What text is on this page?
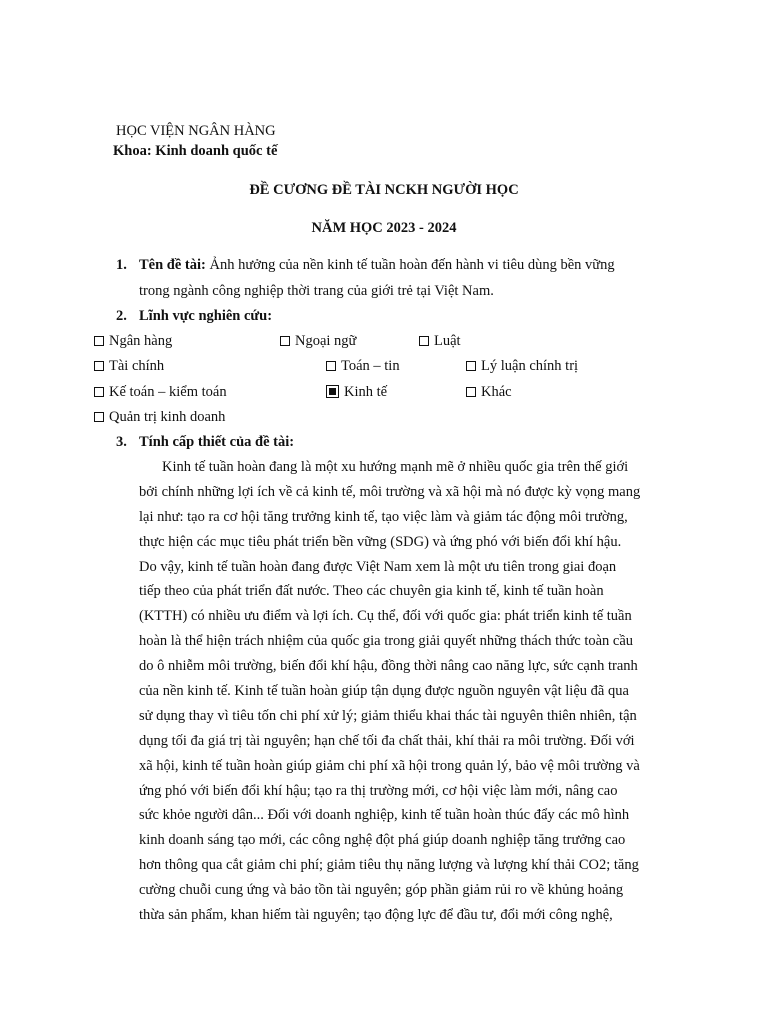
HỌC VIỆN NGÂN HÀNG
Khoa: Kinh doanh quốc tế
ĐỀ CƯƠNG ĐỀ TÀI NCKH NGƯỜI HỌC
NĂM HỌC 2023 - 2024
1. Tên đề tài: Ảnh hưởng của nền kinh tế tuần hoàn đến hành vi tiêu dùng bền vững
trong ngành công nghiệp thời trang của giới trẻ tại Việt Nam.
2. Lĩnh vực nghiên cứu:
Ngân hàng	Ngoại ngữ	Luật
Tài chính	Toán – tin	Lý luận chính trị
Kế toán – kiểm toán	Kinh tế	Khác
Quản trị kinh doanh
3. Tính cấp thiết của đề tài:
Kinh tế tuần hoàn đang là một xu hướng mạnh mẽ ở nhiều quốc gia trên thế giới
bởi chính những lợi ích về cả kinh tế, môi trường và xã hội mà nó được kỳ vọng mang
lại như: tạo ra cơ hội tăng trưởng kinh tế, tạo việc làm và giảm tác động môi trường,
thực hiện các mục tiêu phát triển bền vững (SDG) và ứng phó với biến đổi khí hậu.
Do vậy, kinh tế tuần hoàn đang được Việt Nam xem là một ưu tiên trong giai đoạn
tiếp theo của phát triển đất nước. Theo các chuyên gia kinh tế, kinh tế tuần hoàn
(KTTH) có nhiều ưu điểm và lợi ích. Cụ thể, đối với quốc gia: phát triển kinh tế tuần
hoàn là thể hiện trách nhiệm của quốc gia trong giải quyết những thách thức toàn cầu
do ô nhiễm môi trường, biến đổi khí hậu, đồng thời nâng cao năng lực, sức cạnh tranh
của nền kinh tế. Kinh tế tuần hoàn giúp tận dụng được nguồn nguyên vật liệu đã qua
sử dụng thay vì tiêu tốn chi phí xử lý; giảm thiểu khai thác tài nguyên thiên nhiên, tận
dụng tối đa giá trị tài nguyên; hạn chế tối đa chất thải, khí thải ra môi trường. Đối với
xã hội, kinh tế tuần hoàn giúp giảm chi phí xã hội trong quản lý, bảo vệ môi trường và
ứng phó với biến đổi khí hậu; tạo ra thị trường mới, cơ hội việc làm mới, nâng cao
sức khỏe người dân... Đối với doanh nghiệp, kinh tế tuần hoàn thúc đẩy các mô hình
kinh doanh sáng tạo mới, các công nghệ đột phá giúp doanh nghiệp tăng trưởng cao
hơn thông qua cắt giảm chi phí; giảm tiêu thụ năng lượng và lượng khí thải CO2; tăng
cường chuỗi cung ứng và bảo tồn tài nguyên; góp phần giảm rủi ro về khủng hoảng
thừa sản phẩm, khan hiếm tài nguyên; tạo động lực để đầu tư, đổi mới công nghệ,
